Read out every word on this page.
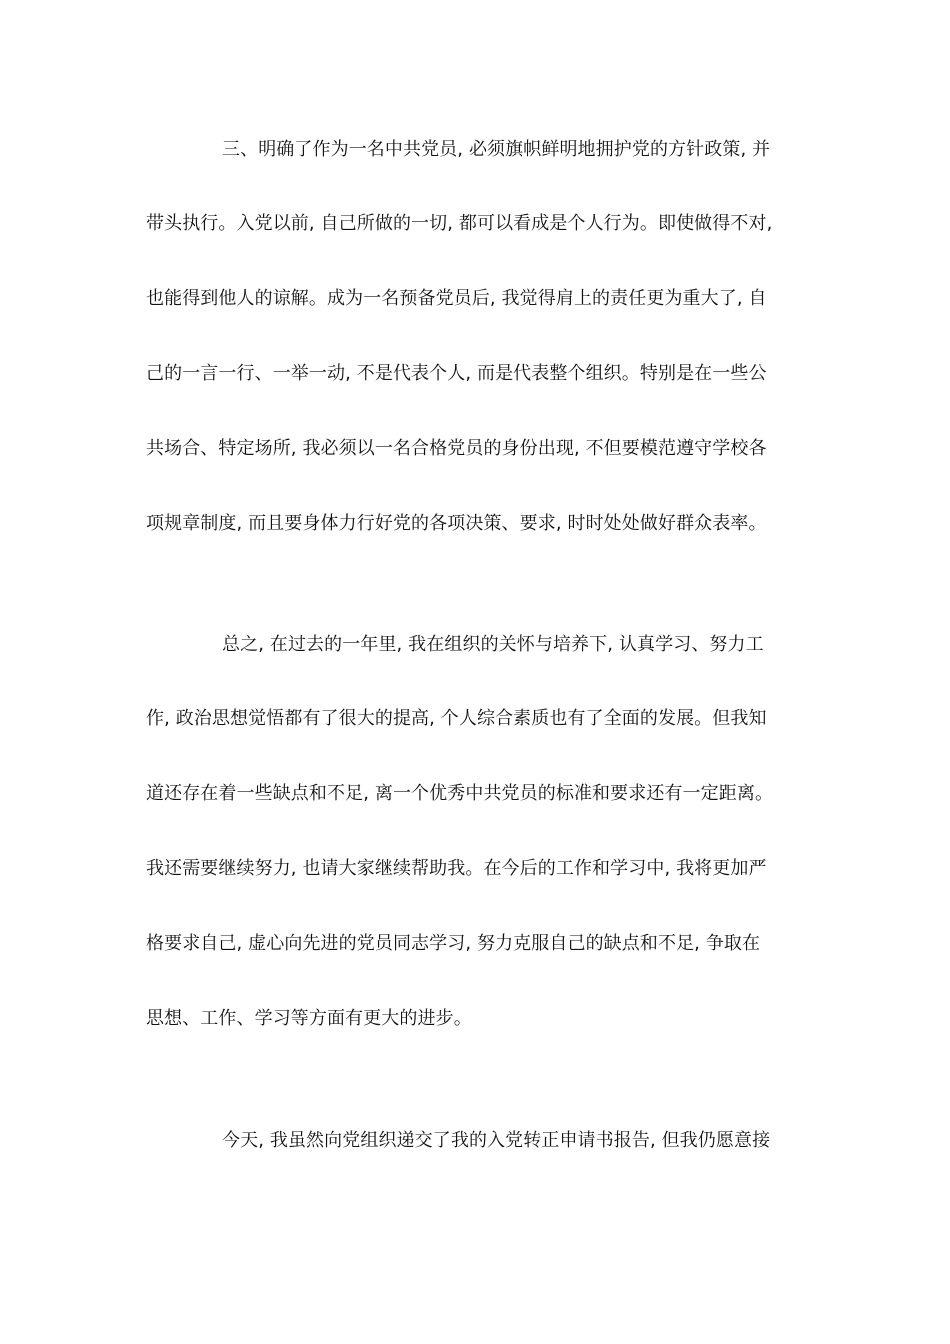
三、明确了作为一名中共党员, 必须旗帜鲜明地拥护党的方针政策, 并
带头执行。入党以前, 自己所做的一切, 都可以看成是个人行为。即使做得不对,
也能得到他人的谅解。成为一名预备党员后, 我觉得肩上的责任更为重大了, 自
己的一言一行、一举一动, 不是代表个人, 而是代表整个组织。特别是在一些公
共场合、特定场所, 我必须以一名合格党员的身份出现, 不但要模范遵守学校各
项规章制度, 而且要身体力行好党的各项决策、要求, 时时处处做好群众表率。
总之, 在过去的一年里, 我在组织的关怀与培养下, 认真学习、努力工
作, 政治思想觉悟都有了很大的提高, 个人综合素质也有了全面的发展。但我知
道还存在着一些缺点和不足, 离一个优秀中共党员的标准和要求还有一定距离。
我还需要继续努力, 也请大家继续帮助我。在今后的工作和学习中, 我将更加严
格要求自己, 虚心向先进的党员同志学习, 努力克服自己的缺点和不足, 争取在
思想、工作、学习等方面有更大的进步。
今天, 我虽然向党组织递交了我的入党转正申请书报告, 但我仍愿意接
